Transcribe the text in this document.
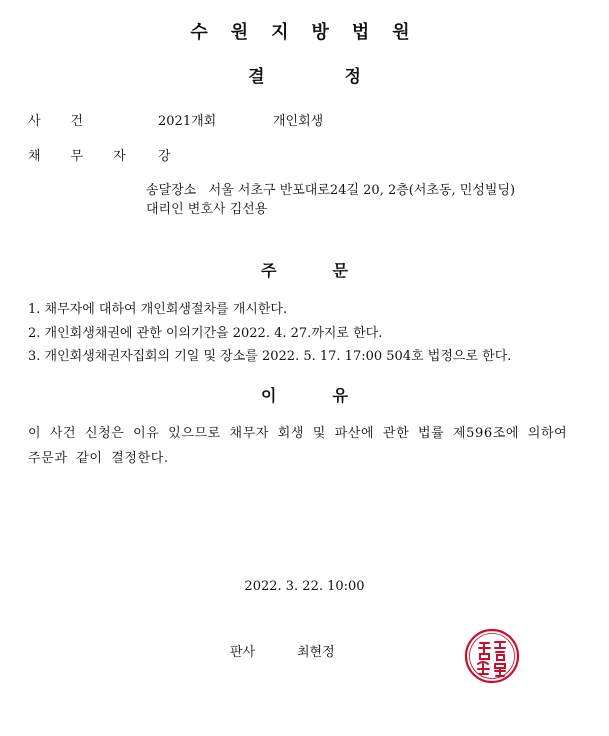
수원지방법원
결정
사건	2021개회	개인회생
채무자 강
송달장소 서울 서초구 반포대로24길 20, 2층(서초동, 민성빌딩)
대리인 변호사 김선용
주문
1. 채무자에 대하여 개인회생절차를 개시한다.
2. 개인회생채권에 관한 이의기간을 2022. 4. 27.까지로 한다.
3. 개인회생채권자집회의 기일 및 장소를 2022. 5. 17. 17:00 504호 법정으로 한다.
이유
이 사건 신청은 이유 있으므로 채무자 회생 및 파산에 관한 법률 제596조에 의하여 주문과 같이 결정한다.
2022. 3. 22. 10:00
판사	최현정
